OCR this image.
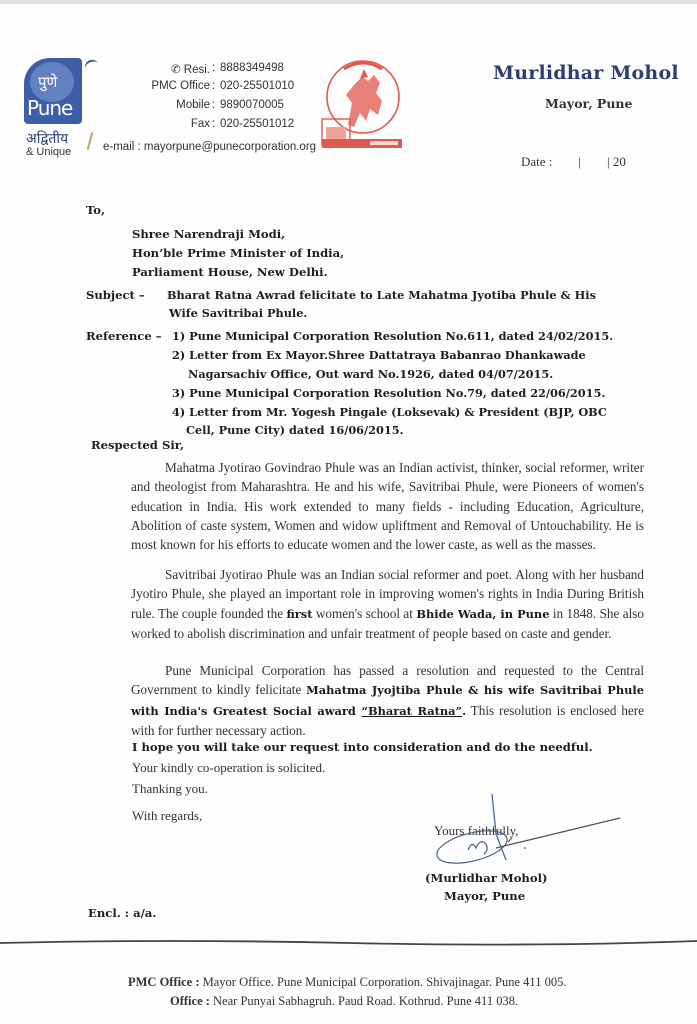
पुणे
Pune
अद्वितीय
& Unique
✆ Resi. : 8888349498
PMC Office : 020-25501010
Mobile : 9890070005
Fax : 020-25501012
e-mail : mayorpune@punecorporation.org
Murlidhar Mohol
Mayor, Pune
Date : |        | 20
To,
Shree Narendraji Modi,
Hon’ble Prime Minister of India,
Parliament House, New Delhi.
Subject – Bharat Ratna Awrad felicitate to Late Mahatma Jyotiba Phule & His
Wife Savitribai Phule.
Reference – 1) Pune Municipal Corporation Resolution No.611, dated 24/02/2015.
2) Letter from Ex Mayor.Shree Dattatraya Babanrao Dhankawade
Nagarsachiv Office, Out ward No.1926, dated 04/07/2015.
3) Pune Municipal Corporation Resolution No.79, dated 22/06/2015.
4) Letter from Mr. Yogesh Pingale (Loksevak) & President (BJP, OBC
Cell, Pune City) dated 16/06/2015.
Respected Sir,
Mahatma Jyotirao Govindrao Phule was an Indian activist, thinker, social reformer, writer and theologist from Maharashtra. He and his wife, Savitribai Phule, were Pioneers of women's education in India. His work extended to many fields - including Education, Agriculture, Abolition of caste system, Women and widow upliftment and Removal of Untouchability. He is most known for his efforts to educate women and the lower caste, as well as the masses.
Savitribai Jyotirao Phule was an Indian social reformer and poet. Along with her husband Jyotiro Phule, she played an important role in improving women's rights in India During British rule. The couple founded the first women's school at Bhide Wada, in Pune in 1848. She also worked to abolish discrimination and unfair treatment of people based on caste and gender.
Pune Municipal Corporation has passed a resolution and requested to the Central Government to kindly felicitate Mahatma Jyojtiba Phule & his wife Savitribai Phule with India's Greatest Social award “Bharat Ratna”. This resolution is enclosed here with for further necessary action.
I hope you will take our request into consideration and do the needful.
Your kindly co-operation is solicited.
Thanking you.
With regards,
Yours faithfully,
(Murlidhar Mohol)
Mayor, Pune
Encl. : a/a.
PMC Office : Mayor Office. Pune Municipal Corporation. Shivajinagar. Pune 411 005.
Office : Near Punyai Sabhagruh. Paud Road. Kothrud. Pune 411 038.
